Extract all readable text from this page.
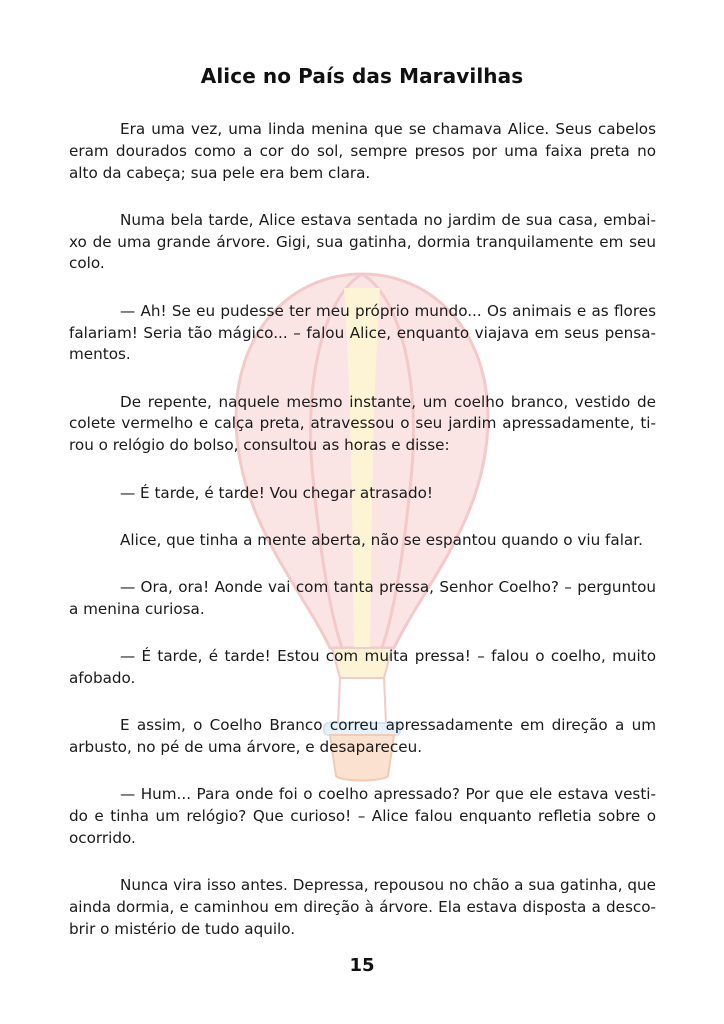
Alice no País das Maravilhas

Era uma vez, uma linda menina que se chamava Alice. Seus cabelos eram dourados como a cor do sol, sempre presos por uma faixa preta no alto da cabeça; sua pele era bem clara.

Numa bela tarde, Alice estava sentada no jardim de sua casa, embaixo de uma grande árvore. Gigi, sua gatinha, dormia tranquilamente em seu colo.

— Ah! Se eu pudesse ter meu próprio mundo... Os animais e as flores falariam! Seria tão mágico... – falou Alice, enquanto viajava em seus pensamentos.

De repente, naquele mesmo instante, um coelho branco, vestido de colete vermelho e calça preta, atravessou o seu jardim apressadamente, tirou o relógio do bolso, consultou as horas e disse:

— É tarde, é tarde! Vou chegar atrasado!

Alice, que tinha a mente aberta, não se espantou quando o viu falar.

— Ora, ora! Aonde vai com tanta pressa, Senhor Coelho? – perguntou a menina curiosa.

— É tarde, é tarde! Estou com muita pressa! – falou o coelho, muito afobado.

E assim, o Coelho Branco correu apressadamente em direção a um arbusto, no pé de uma árvore, e desapareceu.

— Hum... Para onde foi o coelho apressado? Por que ele estava vestido e tinha um relógio? Que curioso! – Alice falou enquanto refletia sobre o ocorrido.

Nunca vira isso antes. Depressa, repousou no chão a sua gatinha, que ainda dormia, e caminhou em direção à árvore. Ela estava disposta a descobrir o mistério de tudo aquilo.

15
